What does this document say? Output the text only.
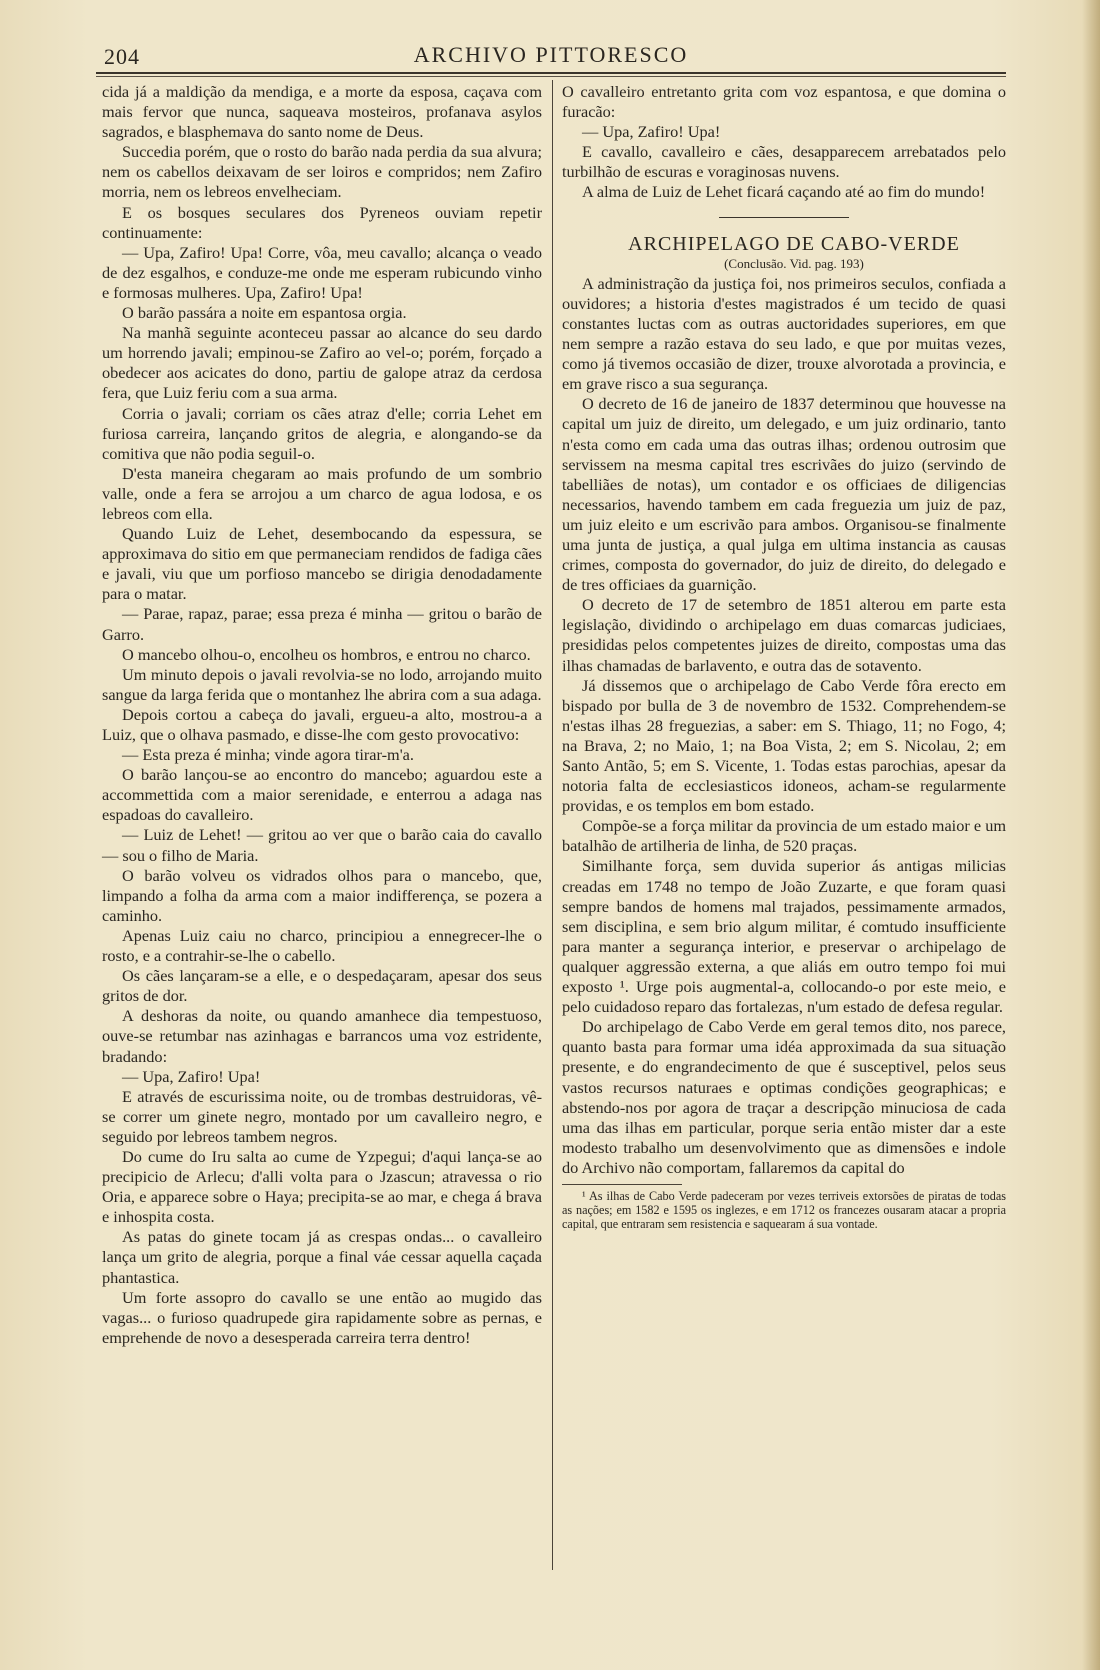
204	ARCHIVO PITTORESCO

cida já a maldição da mendiga, e a morte da esposa, caçava com mais fervor que nunca, saqueava mosteiros, profanava asylos sagrados, e blasphemava do santo nome de Deus.

Succedia porém, que o rosto do barão nada perdia da sua alvura; nem os cabellos deixavam de ser loiros e compridos; nem Zafiro morria, nem os lebreos envelheciam.

E os bosques seculares dos Pyreneos ouviam repetir continuamente:

— Upa, Zafiro! Upa! Corre, vôa, meu cavallo; alcança o veado de dez esgalhos, e conduze-me onde me esperam rubicundo vinho e formosas mulheres. Upa, Zafiro! Upa!

O barão passára a noite em espantosa orgia.

Na manhã seguinte aconteceu passar ao alcance do seu dardo um horrendo javali; empinou-se Zafiro ao vel-o; porém, forçado a obedecer aos acicates do dono, partiu de galope atraz da cerdosa fera, que Luiz feriu com a sua arma.

Corria o javali; corriam os cães atraz d'elle; corria Lehet em furiosa carreira, lançando gritos de alegria, e alongando-se da comitiva que não podia seguil-o.

D'esta maneira chegaram ao mais profundo de um sombrio valle, onde a fera se arrojou a um charco de agua lodosa, e os lebreos com ella.

Quando Luiz de Lehet, desembocando da espessura, se approximava do sitio em que permaneciam rendidos de fadiga cães e javali, viu que um porfioso mancebo se dirigia denodadamente para o matar.

— Parae, rapaz, parae; essa preza é minha — gritou o barão de Garro.

O mancebo olhou-o, encolheu os hombros, e entrou no charco.

Um minuto depois o javali revolvia-se no lodo, arrojando muito sangue da larga ferida que o montanhez lhe abrira com a sua adaga.

Depois cortou a cabeça do javali, ergueu-a alto, mostrou-a a Luiz, que o olhava pasmado, e disse-lhe com gesto provocativo:

— Esta preza é minha; vinde agora tirar-m'a.

O barão lançou-se ao encontro do mancebo; aguardou este a accommettida com a maior serenidade, e enterrou a adaga nas espadoas do cavalleiro.

— Luiz de Lehet! — gritou ao ver que o barão caia do cavallo — sou o filho de Maria.

O barão volveu os vidrados olhos para o mancebo, que, limpando a folha da arma com a maior indifferença, se pozera a caminho.

Apenas Luiz caiu no charco, principiou a ennegrecer-lhe o rosto, e a contrahir-se-lhe o cabello.

Os cães lançaram-se a elle, e o despedaçaram, apesar dos seus gritos de dor.

A deshoras da noite, ou quando amanhece dia tempestuoso, ouve-se retumbar nas azinhagas e barrancos uma voz estridente, bradando:

— Upa, Zafiro! Upa!

E através de escurissima noite, ou de trombas destruidoras, vê-se correr um ginete negro, montado por um cavalleiro negro, e seguido por lebreos tambem negros.

Do cume do Iru salta ao cume de Yzpegui; d'aqui lança-se ao precipicio de Arlecu; d'alli volta para o Jzascun; atravessa o rio Oria, e apparece sobre o Haya; precipita-se ao mar, e chega á brava e inhospita costa.

As patas do ginete tocam já as crespas ondas... o cavalleiro lança um grito de alegria, porque a final váe cessar aquella caçada phantastica.

Um forte assopro do cavallo se une então ao mugido das vagas... o furioso quadrupede gira rapidamente sobre as pernas, e emprehende de novo a desesperada carreira terra dentro!

O cavalleiro entretanto grita com voz espantosa, e que domina o furacão:

— Upa, Zafiro! Upa!

E cavallo, cavalleiro e cães, desapparecem arrebatados pelo turbilhão de escuras e voraginosas nuvens.

A alma de Luiz de Lehet ficará caçando até ao fim do mundo!

ARCHIPELAGO DE CABO-VERDE

(Conclusão. Vid. pag. 193)

A administração da justiça foi, nos primeiros seculos, confiada a ouvidores; a historia d'estes magistrados é um tecido de quasi constantes luctas com as outras auctoridades superiores, em que nem sempre a razão estava do seu lado, e que por muitas vezes, como já tivemos occasião de dizer, trouxe alvorotada a provincia, e em grave risco a sua segurança.

O decreto de 16 de janeiro de 1837 determinou que houvesse na capital um juiz de direito, um delegado, e um juiz ordinario, tanto n'esta como em cada uma das outras ilhas; ordenou outrosim que servissem na mesma capital tres escrivães do juizo (servindo de tabelliães de notas), um contador e os officiaes de diligencias necessarios, havendo tambem em cada freguezia um juiz de paz, um juiz eleito e um escrivão para ambos. Organisou-se finalmente uma junta de justiça, a qual julga em ultima instancia as causas crimes, composta do governador, do juiz de direito, do delegado e de tres officiaes da guarnição.

O decreto de 17 de setembro de 1851 alterou em parte esta legislação, dividindo o archipelago em duas comarcas judiciaes, presididas pelos competentes juizes de direito, compostas uma das ilhas chamadas de barlavento, e outra das de sotavento.

Já dissemos que o archipelago de Cabo Verde fôra erecto em bispado por bulla de 3 de novembro de 1532. Comprehendem-se n'estas ilhas 28 freguezias, a saber: em S. Thiago, 11; no Fogo, 4; na Brava, 2; no Maio, 1; na Boa Vista, 2; em S. Nicolau, 2; em Santo Antão, 5; em S. Vicente, 1. Todas estas parochias, apesar da notoria falta de ecclesiasticos idoneos, acham-se regularmente providas, e os templos em bom estado.

Compõe-se a força militar da provincia de um estado maior e um batalhão de artilheria de linha, de 520 praças.

Similhante força, sem duvida superior ás antigas milicias creadas em 1748 no tempo de João Zuzarte, e que foram quasi sempre bandos de homens mal trajados, pessimamente armados, sem disciplina, e sem brio algum militar, é comtudo insufficiente para manter a segurança interior, e preservar o archipelago de qualquer aggressão externa, a que aliás em outro tempo foi mui exposto ¹. Urge pois augmental-a, collocando-o por este meio, e pelo cuidadoso reparo das fortalezas, n'um estado de defesa regular.

Do archipelago de Cabo Verde em geral temos dito, nos parece, quanto basta para formar uma idéa approximada da sua situação presente, e do engrandecimento de que é susceptivel, pelos seus vastos recursos naturaes e optimas condições geographicas; e abstendo-nos por agora de traçar a descripção minuciosa de cada uma das ilhas em particular, porque seria então mister dar a este modesto trabalho um desenvolvimento que as dimensões e indole do Archivo não comportam, fallaremos da capital do

¹ As ilhas de Cabo Verde padeceram por vezes terriveis extorsões de piratas de todas as nações; em 1582 e 1595 os inglezes, e em 1712 os francezes ousaram atacar a propria capital, que entraram sem resistencia e saquearam á sua vontade.
